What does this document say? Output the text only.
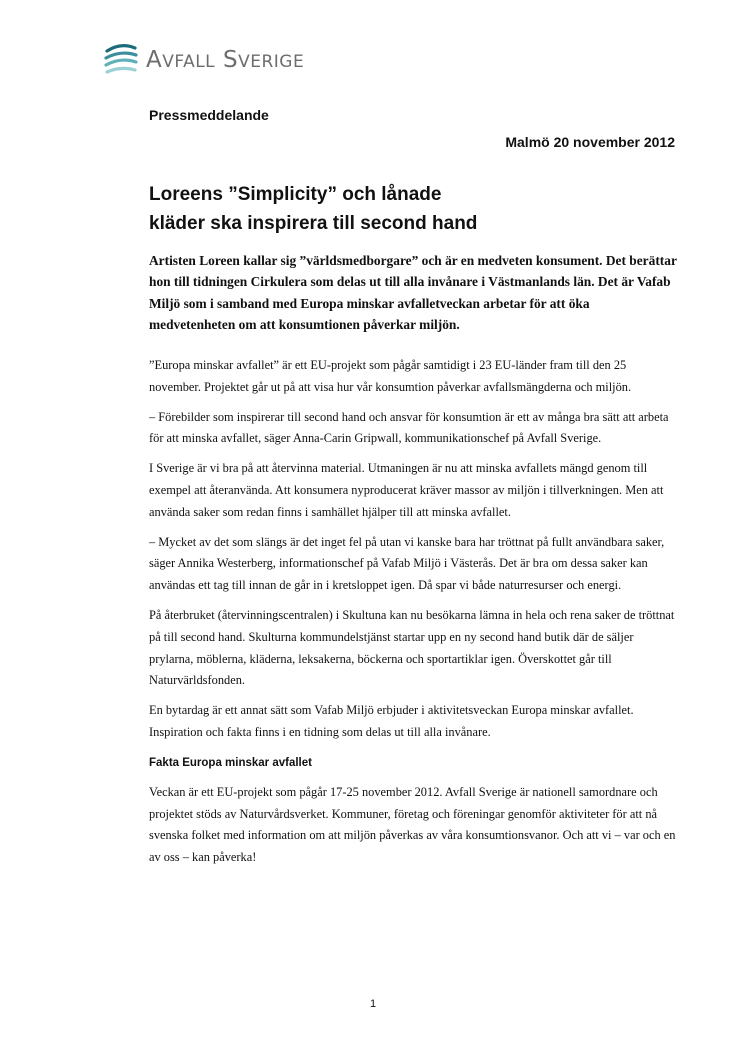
AVFALL SVERIGE
Pressmeddelande
Malmö 20 november 2012
Loreens ”Simplicity” och lånade
kläder ska inspirera till second hand
Artisten Loreen kallar sig ”världsmedborgare” och är en medveten konsument. Det berättar hon till tidningen Cirkulera som delas ut till alla invånare i Västmanlands län. Det är Vafab Miljö som i samband med Europa minskar avfalletveckan arbetar för att öka medvetenheten om att konsumtionen påverkar miljön.

”Europa minskar avfallet” är ett EU-projekt som pågår samtidigt i 23 EU-länder fram till den 25 november. Projektet går ut på att visa hur vår konsumtion påverkar avfallsmängderna och miljön.

– Förebilder som inspirerar till second hand och ansvar för konsumtion är ett av många bra sätt att arbeta för att minska avfallet, säger Anna-Carin Gripwall, kommunikationschef på Avfall Sverige.

I Sverige är vi bra på att återvinna material. Utmaningen är nu att minska avfallets mängd genom till exempel att återanvända. Att konsumera nyproducerat kräver massor av miljön i tillverkningen. Men att använda saker som redan finns i samhället hjälper till att minska avfallet.

– Mycket av det som slängs är det inget fel på utan vi kanske bara har tröttnat på fullt användbara saker, säger Annika Westerberg, informationschef på Vafab Miljö i Västerås. Det är bra om dessa saker kan användas ett tag till innan de går in i kretsloppet igen. Då spar vi både naturresurser och energi.

På återbruket (återvinningscentralen) i Skultuna kan nu besökarna lämna in hela och rena saker de tröttnat på till second hand. Skulturna kommundelstjänst startar upp en ny second hand butik där de säljer prylarna, möblerna, kläderna, leksakerna, böckerna och sportartiklar igen. Överskottet går till Naturvärldsfonden.

En bytardag är ett annat sätt som Vafab Miljö erbjuder i aktivitetsveckan Europa minskar avfallet. Inspiration och fakta finns i en tidning som delas ut till alla invånare.

Fakta Europa minskar avfallet

Veckan är ett EU-projekt som pågår 17-25 november 2012. Avfall Sverige är nationell samordnare och projektet stöds av Naturvårdsverket. Kommuner, företag och föreningar genomför aktiviteter för att nå svenska folket med information om att miljön påverkas av våra konsumtionsvanor. Och att vi – var och en av oss – kan påverka!

1
